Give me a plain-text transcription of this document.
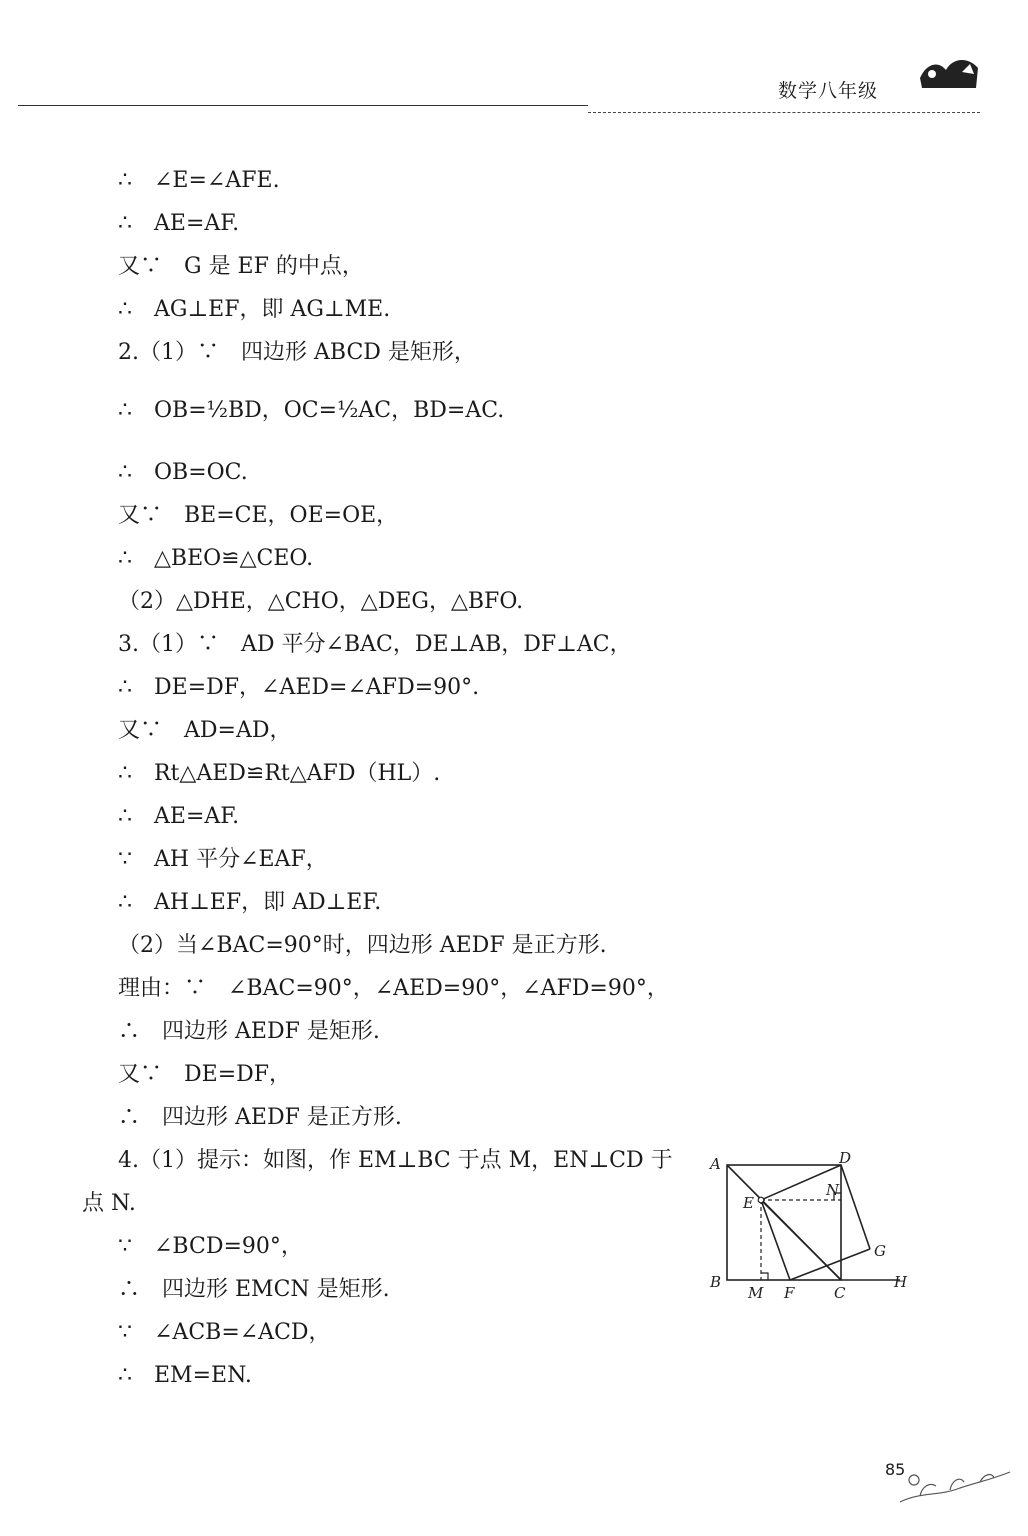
数学八年级
∴　∠E=∠AFE.
∴　AE=AF.
又∵　G 是 EF 的中点，
∴　AG⊥EF，即 AG⊥ME.
2.（1）∵　四边形 ABCD 是矩形，
∴　OB=½BD，OC=½AC，BD=AC.
∴　OB=OC.
又∵　BE=CE，OE=OE，
∴　△BEO≌△CEO.
（2）△DHE，△CHO，△DEG，△BFO.
3.（1）∵　AD 平分∠BAC，DE⊥AB，DF⊥AC，
∴　DE=DF，∠AED=∠AFD=90°.
又∵　AD=AD，
∴　Rt△AED≌Rt△AFD（HL）.
∴　AE=AF.
∵　AH 平分∠EAF，
∴　AH⊥EF，即 AD⊥EF.
（2）当∠BAC=90°时，四边形 AEDF 是正方形.
理由：∵　∠BAC=90°，∠AED=90°，∠AFD=90°，
∴　四边形 AEDF 是矩形.
又∵　DE=DF，
∴　四边形 AEDF 是正方形.
4.（1）提示：如图，作 EM⊥BC 于点 M，EN⊥CD 于
点 N.
∵　∠BCD=90°，
∴　四边形 EMCN 是矩形.
∵　∠ACB=∠ACD，
∴　EM=EN.
A	D
N
E
G
B
M F	C
H
85
